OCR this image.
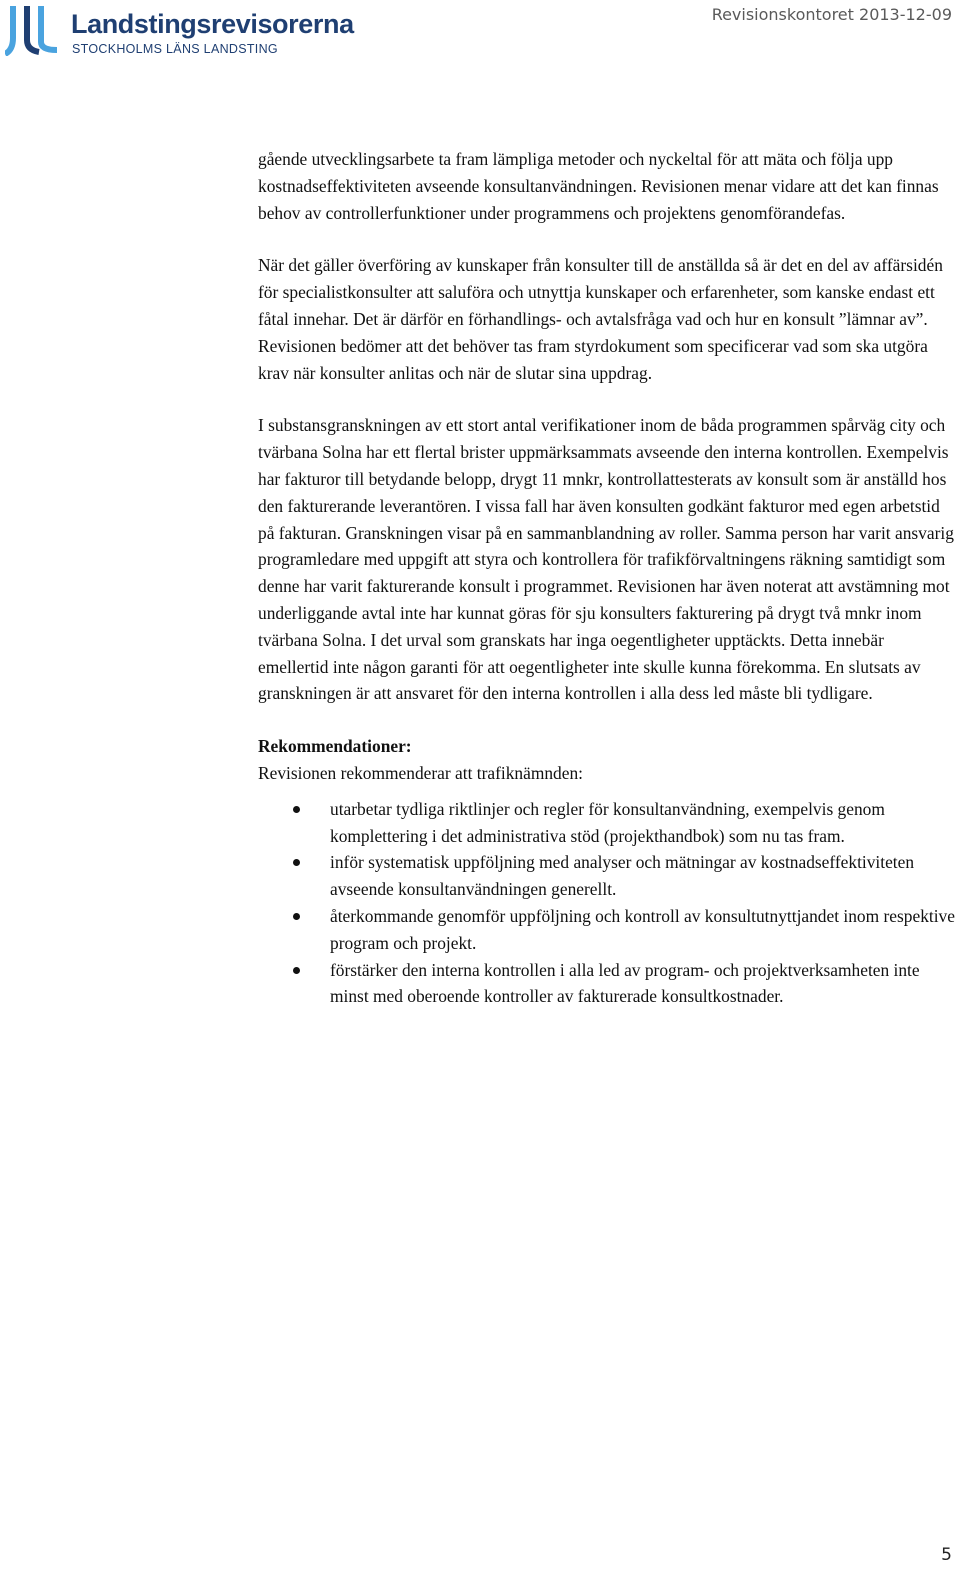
Landstingsrevisorerna
STOCKHOLMS LÄNS LANDSTING
Revisionskontoret 2013-12-09

gående utvecklingsarbete ta fram lämpliga metoder och nyckeltal för att mäta och följa upp kostnadseffektiviteten avseende konsultanvändningen. Revisionen menar vidare att det kan finnas behov av controllerfunktioner under programmens och projektens genomförandefas.

När det gäller överföring av kunskaper från konsulter till de anställda så är det en del av affärsidén för specialistkonsulter att saluföra och utnyttja kunskaper och erfarenheter, som kanske endast ett fåtal innehar. Det är därför en förhandlings- och avtalsfråga vad och hur en konsult ”lämnar av”. Revisionen bedömer att det behöver tas fram styrdokument som specificerar vad som ska utgöra krav när konsulter anlitas och när de slutar sina uppdrag.

I substansgranskningen av ett stort antal verifikationer inom de båda programmen spårväg city och tvärbana Solna har ett flertal brister uppmärksammats avseende den interna kontrollen. Exempelvis har fakturor till betydande belopp, drygt 11 mnkr, kontrollattesterats av konsult som är anställd hos den fakturerande leverantören. I vissa fall har även konsulten godkänt fakturor med egen arbetstid på fakturan. Granskningen visar på en sammanblandning av roller. Samma person har varit ansvarig programledare med uppgift att styra och kontrollera för trafikförvaltningens räkning samtidigt som denne har varit fakturerande konsult i programmet. Revisionen har även noterat att avstämning mot underliggande avtal inte har kunnat göras för sju konsulters fakturering på drygt två mnkr inom tvärbana Solna. I det urval som granskats har inga oegentligheter upptäckts. Detta innebär emellertid inte någon garanti för att oegentligheter inte skulle kunna förekomma. En slutsats av granskningen är att ansvaret för den interna kontrollen i alla dess led måste bli tydligare.

Rekommendationer:

Revisionen rekommenderar att trafiknämnden:

utarbetar tydliga riktlinjer och regler för konsultanvändning, exempelvis genom komplettering i det administrativa stöd (projekthandbok) som nu tas fram.
inför systematisk uppföljning med analyser och mätningar av kostnadseffektiviteten avseende konsultanvändningen generellt.
återkommande genomför uppföljning och kontroll av konsultutnyttjandet inom respektive program och projekt.
förstärker den interna kontrollen i alla led av program- och projektverksamheten inte minst med oberoende kontroller av fakturerade konsultkostnader.
5
